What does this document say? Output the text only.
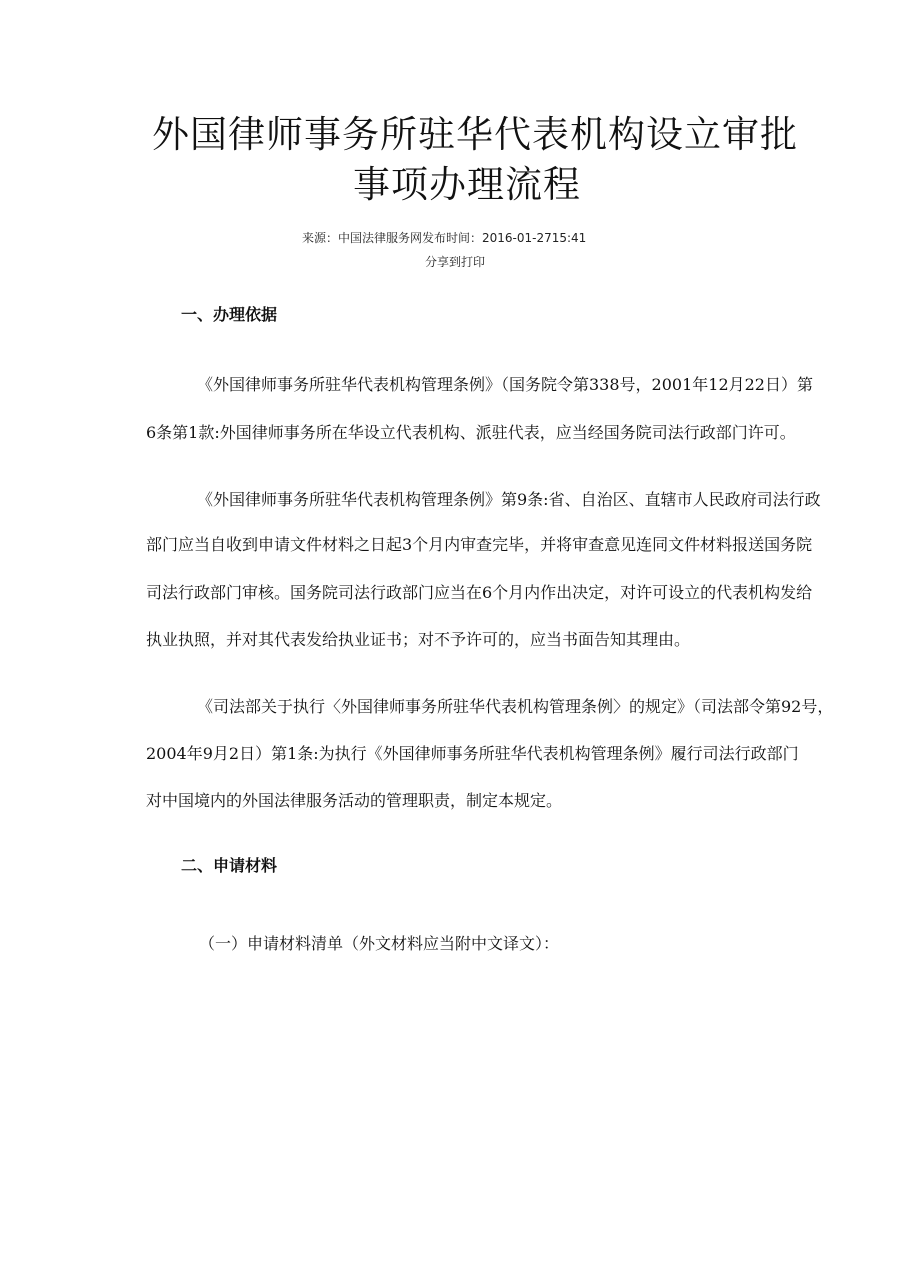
外国律师事务所驻华代表机构设立审批
事项办理流程
来源：中国法律服务网发布时间：2016-01-2715:41
分享到打印
一、办理依据
《外国律师事务所驻华代表机构管理条例》（国务院令第338号，2001年12月22日）第
6条第1款:外国律师事务所在华设立代表机构、派驻代表，应当经国务院司法行政部门许可。
《外国律师事务所驻华代表机构管理条例》第9条:省、自治区、直辖市人民政府司法行政
部门应当自收到申请文件材料之日起3个月内审查完毕，并将审查意见连同文件材料报送国务院
司法行政部门审核。国务院司法行政部门应当在6个月内作出决定，对许可设立的代表机构发给
执业执照，并对其代表发给执业证书；对不予许可的，应当书面告知其理由。
《司法部关于执行〈外国律师事务所驻华代表机构管理条例〉的规定》（司法部令第92号，
2004年9月2日）第1条:为执行《外国律师事务所驻华代表机构管理条例》履行司法行政部门
对中国境内的外国法律服务活动的管理职责，制定本规定。
二、申请材料
（一）申请材料清单（外文材料应当附中文译文）：
